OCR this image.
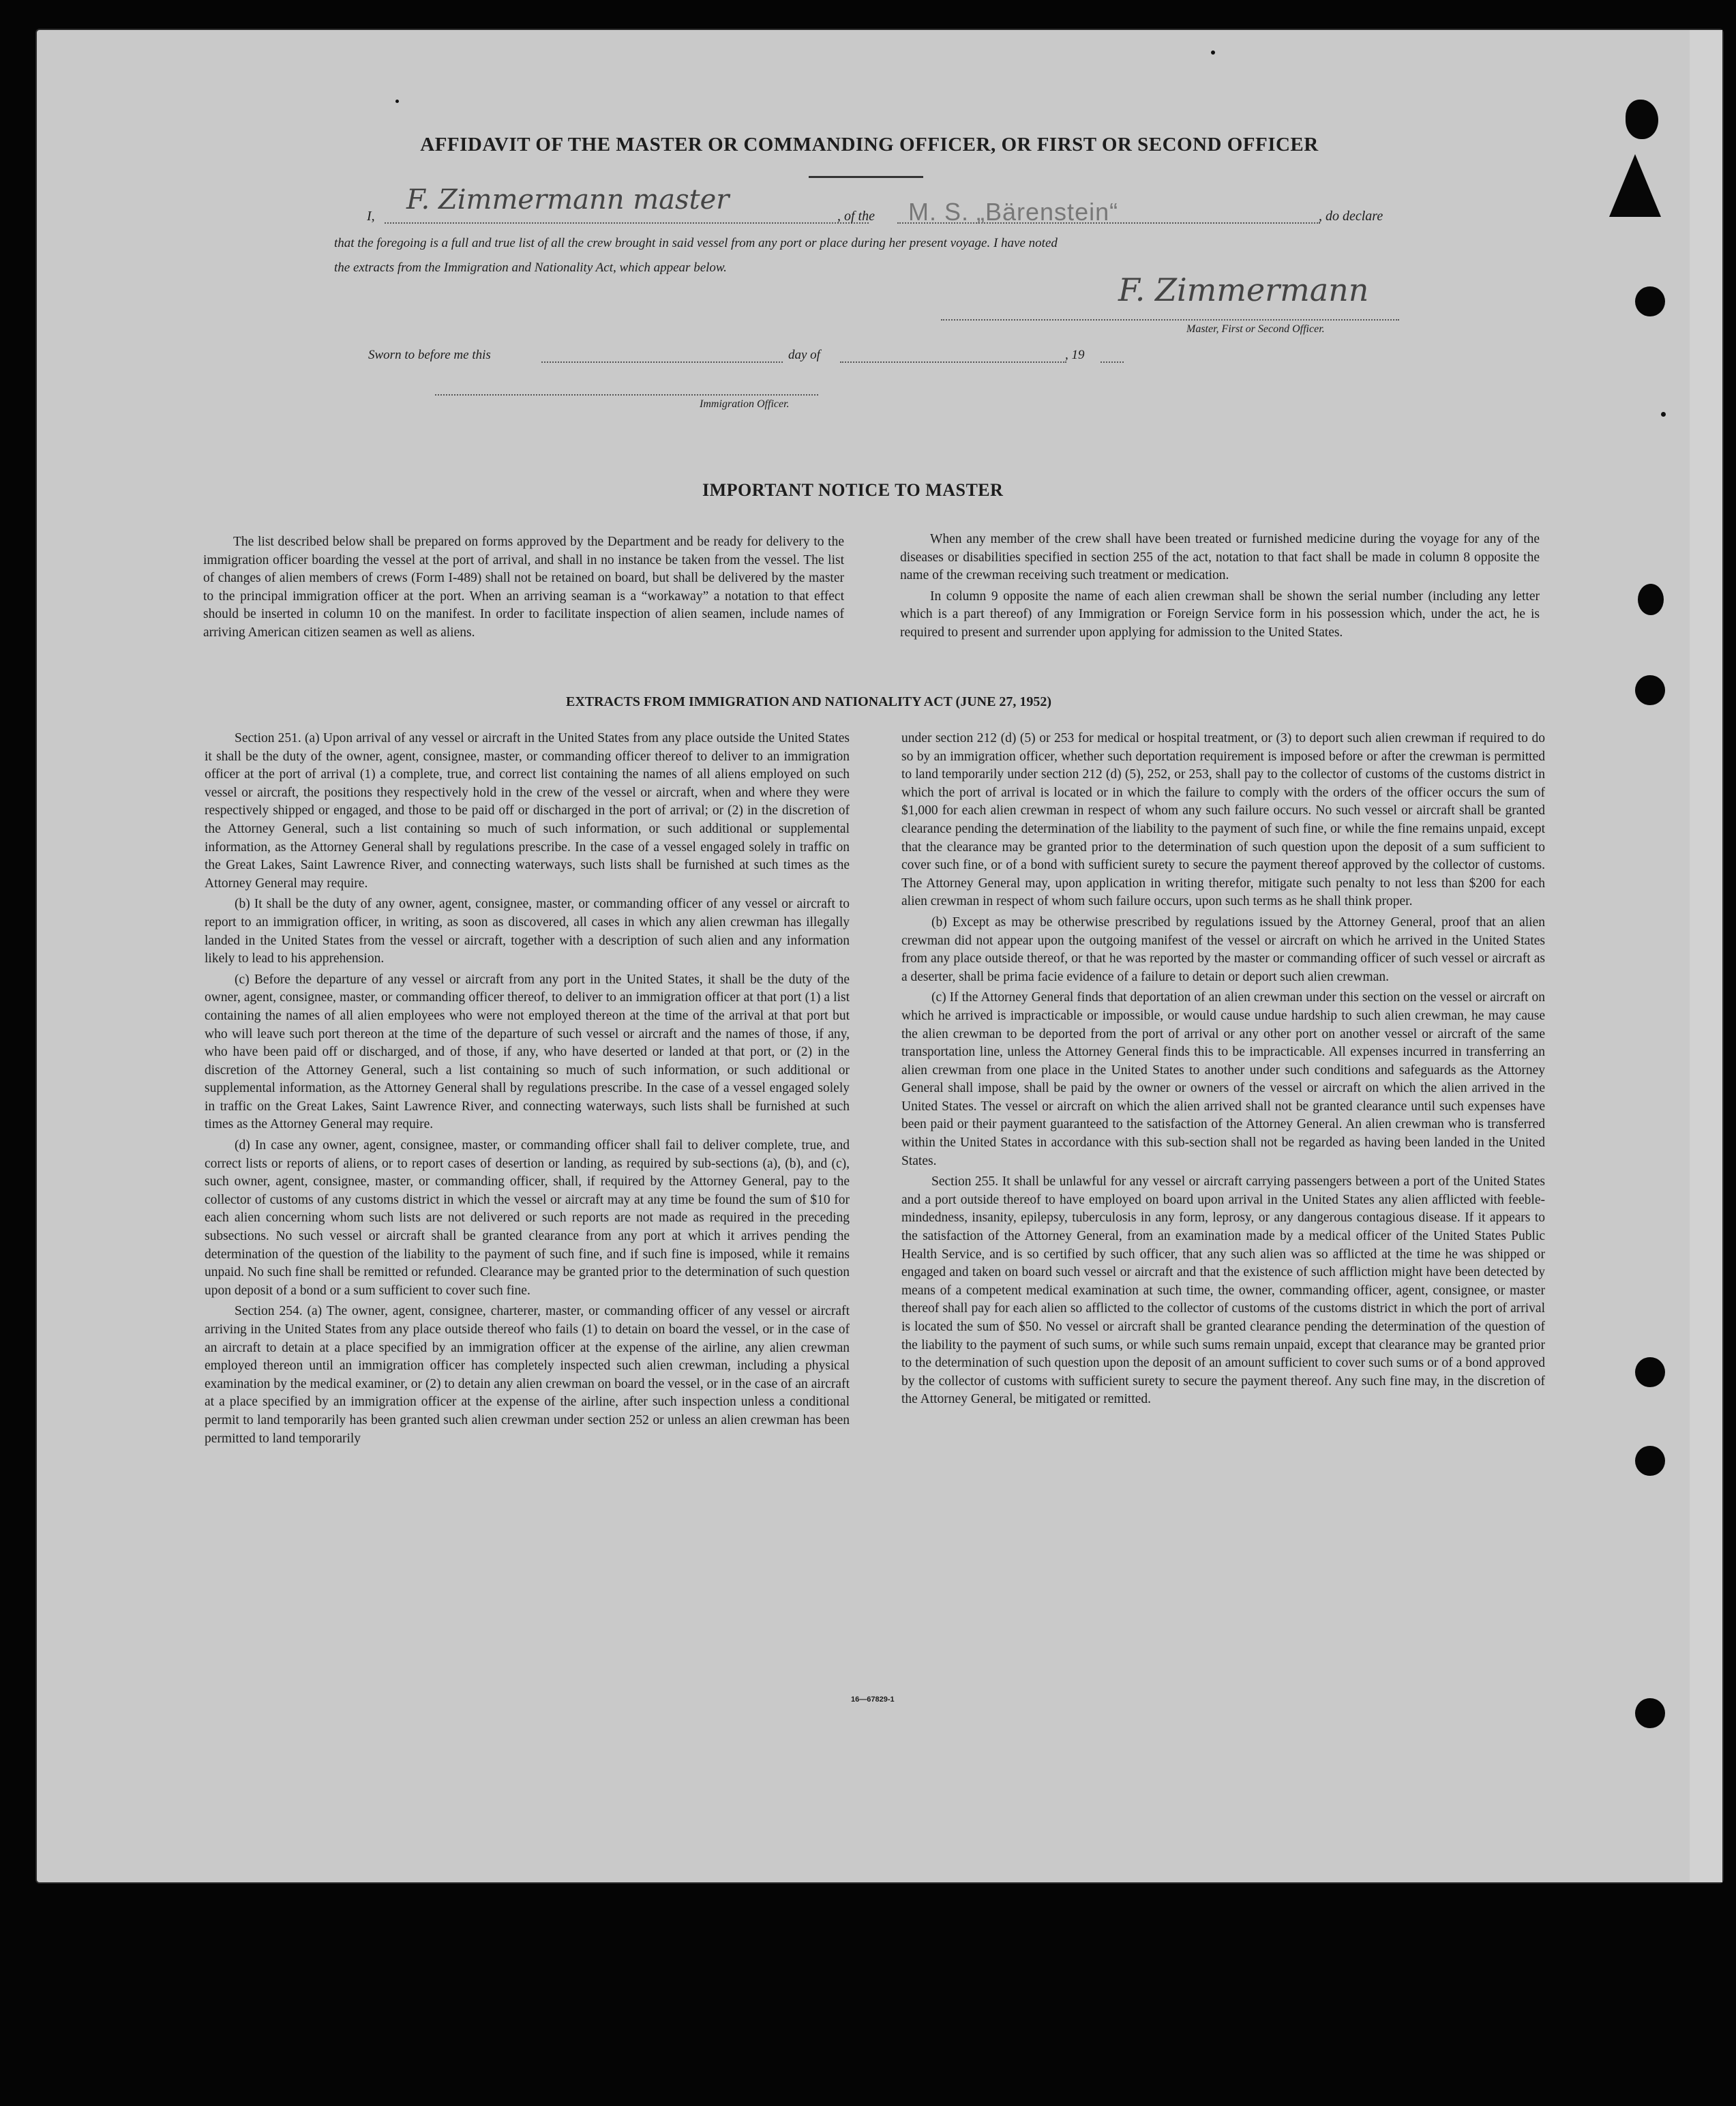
AFFIDAVIT OF THE MASTER OR COMMANDING OFFICER, OR FIRST OR SECOND OFFICER
I,
F. Zimmermann master
, of the M. S. „Bärenstein“	, do declare
that the foregoing is a full and true list of all the crew brought in said vessel from any port or place during her present voyage. I have noted
the extracts from the Immigration and Nationality Act, which appear below.
F. Zimmermann
Master, First or Second Officer.
Sworn to before me this	day of	, 19
Immigration Officer.
IMPORTANT NOTICE TO MASTER

The list described below shall be prepared on forms approved by the Department and be ready for delivery to the immigration officer boarding the vessel at the port of arrival, and shall in no instance be taken from the vessel. The list of changes of alien members of crews (Form I-489) shall not be retained on board, but shall be delivered by the master to the principal immigration officer at the port. When an arriving seaman is a “workaway” a notation to that effect should be inserted in column 10 on the manifest. In order to facilitate inspection of alien seamen, include names of arriving American citizen seamen as well as aliens.

When any member of the crew shall have been treated or furnished medicine during the voyage for any of the diseases or disabilities specified in section 255 of the act, notation to that fact shall be made in column 8 opposite the name of the crewman receiving such treatment or medication.

In column 9 opposite the name of each alien crewman shall be shown the serial number (including any letter which is a part thereof) of any Immigration or Foreign Service form in his possession which, under the act, he is required to present and surrender upon applying for admission to the United States.

EXTRACTS FROM IMMIGRATION AND NATIONALITY ACT (JUNE 27, 1952)

Section 251. (a) Upon arrival of any vessel or aircraft in the United States from any place outside the United States it shall be the duty of the owner, agent, consignee, master, or commanding officer thereof to deliver to an immigration officer at the port of arrival (1) a complete, true, and correct list containing the names of all aliens employed on such vessel or aircraft, the positions they respectively hold in the crew of the vessel or aircraft, when and where they were respectively shipped or engaged, and those to be paid off or discharged in the port of arrival; or (2) in the discretion of the Attorney General, such a list containing so much of such information, or such additional or supplemental information, as the Attorney General shall by regulations prescribe. In the case of a vessel engaged solely in traffic on the Great Lakes, Saint Lawrence River, and connecting waterways, such lists shall be furnished at such times as the Attorney General may require.

(b) It shall be the duty of any owner, agent, consignee, master, or commanding officer of any vessel or aircraft to report to an immigration officer, in writing, as soon as discovered, all cases in which any alien crewman has illegally landed in the United States from the vessel or aircraft, together with a description of such alien and any information likely to lead to his apprehension.

(c) Before the departure of any vessel or aircraft from any port in the United States, it shall be the duty of the owner, agent, consignee, master, or commanding officer thereof, to deliver to an immigration officer at that port (1) a list containing the names of all alien employees who were not employed thereon at the time of the arrival at that port but who will leave such port thereon at the time of the departure of such vessel or aircraft and the names of those, if any, who have been paid off or discharged, and of those, if any, who have deserted or landed at that port, or (2) in the discretion of the Attorney General, such a list containing so much of such information, or such additional or supplemental information, as the Attorney General shall by regulations prescribe. In the case of a vessel engaged solely in traffic on the Great Lakes, Saint Lawrence River, and connecting waterways, such lists shall be furnished at such times as the Attorney General may require.

(d) In case any owner, agent, consignee, master, or commanding officer shall fail to deliver complete, true, and correct lists or reports of aliens, or to report cases of desertion or landing, as required by sub-sections (a), (b), and (c), such owner, agent, consignee, master, or commanding officer, shall, if required by the Attorney General, pay to the collector of customs of any customs district in which the vessel or aircraft may at any time be found the sum of $10 for each alien concerning whom such lists are not delivered or such reports are not made as required in the preceding subsections. No such vessel or aircraft shall be granted clearance from any port at which it arrives pending the determination of the question of the liability to the payment of such fine, and if such fine is imposed, while it remains unpaid. No such fine shall be remitted or refunded. Clearance may be granted prior to the determination of such question upon deposit of a bond or a sum sufficient to cover such fine.

Section 254. (a) The owner, agent, consignee, charterer, master, or commanding officer of any vessel or aircraft arriving in the United States from any place outside thereof who fails (1) to detain on board the vessel, or in the case of an aircraft to detain at a place specified by an immigration officer at the expense of the airline, any alien crewman employed thereon until an immigration officer has completely inspected such alien crewman, including a physical examination by the medical examiner, or (2) to detain any alien crewman on board the vessel, or in the case of an aircraft at a place specified by an immigration officer at the expense of the airline, after such inspection unless a conditional permit to land temporarily has been granted such alien crewman under section 252 or unless an alien crewman has been permitted to land temporarily

under section 212 (d) (5) or 253 for medical or hospital treatment, or (3) to deport such alien crewman if required to do so by an immigration officer, whether such deportation requirement is imposed before or after the crewman is permitted to land temporarily under section 212 (d) (5), 252, or 253, shall pay to the collector of customs of the customs district in which the port of arrival is located or in which the failure to comply with the orders of the officer occurs the sum of $1,000 for each alien crewman in respect of whom any such failure occurs. No such vessel or aircraft shall be granted clearance pending the determination of the liability to the payment of such fine, or while the fine remains unpaid, except that the clearance may be granted prior to the determination of such question upon the deposit of a sum sufficient to cover such fine, or of a bond with sufficient surety to secure the payment thereof approved by the collector of customs. The Attorney General may, upon application in writing therefor, mitigate such penalty to not less than $200 for each alien crewman in respect of whom such failure occurs, upon such terms as he shall think proper.

(b) Except as may be otherwise prescribed by regulations issued by the Attorney General, proof that an alien crewman did not appear upon the outgoing manifest of the vessel or aircraft on which he arrived in the United States from any place outside thereof, or that he was reported by the master or commanding officer of such vessel or aircraft as a deserter, shall be prima facie evidence of a failure to detain or deport such alien crewman.

(c) If the Attorney General finds that deportation of an alien crewman under this section on the vessel or aircraft on which he arrived is impracticable or impossible, or would cause undue hardship to such alien crewman, he may cause the alien crewman to be deported from the port of arrival or any other port on another vessel or aircraft of the same transportation line, unless the Attorney General finds this to be impracticable. All expenses incurred in transferring an alien crewman from one place in the United States to another under such conditions and safeguards as the Attorney General shall impose, shall be paid by the owner or owners of the vessel or aircraft on which the alien arrived in the United States. The vessel or aircraft on which the alien arrived shall not be granted clearance until such expenses have been paid or their payment guaranteed to the satisfaction of the Attorney General. An alien crewman who is transferred within the United States in accordance with this sub-section shall not be regarded as having been landed in the United States.

Section 255. It shall be unlawful for any vessel or aircraft carrying passengers between a port of the United States and a port outside thereof to have employed on board upon arrival in the United States any alien afflicted with feeble-mindedness, insanity, epilepsy, tuberculosis in any form, leprosy, or any dangerous contagious disease. If it appears to the satisfaction of the Attorney General, from an examination made by a medical officer of the United States Public Health Service, and is so certified by such officer, that any such alien was so afflicted at the time he was shipped or engaged and taken on board such vessel or aircraft and that the existence of such affliction might have been detected by means of a competent medical examination at such time, the owner, commanding officer, agent, consignee, or master thereof shall pay for each alien so afflicted to the collector of customs of the customs district in which the port of arrival is located the sum of $50. No vessel or aircraft shall be granted clearance pending the determination of the question of the liability to the payment of such sums, or while such sums remain unpaid, except that clearance may be granted prior to the determination of such question upon the deposit of an amount sufficient to cover such sums or of a bond approved by the collector of customs with sufficient surety to secure the payment thereof. Any such fine may, in the discretion of the Attorney General, be mitigated or remitted.

16—67829-1
